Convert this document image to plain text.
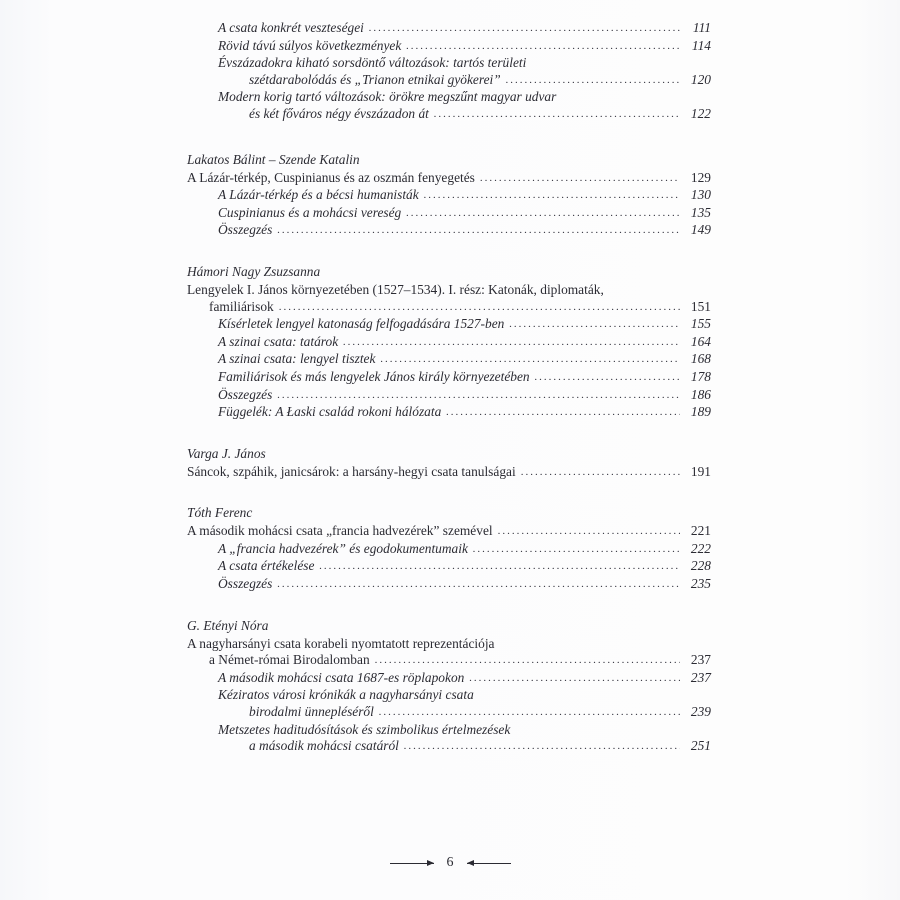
A csata konkrét veszteségei .....	111
Rövid távú súlyos következmények .....	114
Évszázadokra kiható sorsdöntő változások: tartós területi
szétdarabolódás és „Trianon etnikai gyökerei” .....	120
Modern korig tartó változások: örökre megszűnt magyar udvar
és két főváros négy évszázadon át .....	122
Lakatos Bálint – Szende Katalin
A Lázár-térkép, Cuspinianus és az oszmán fenyegetés .....	129
A Lázár-térkép és a bécsi humanisták .....	130
Cuspinianus és a mohácsi vereség .....	135
Összegzés .....	149
Hámori Nagy Zsuzsanna
Lengyelek I. János környezetében (1527–1534). I. rész: Katonák, diplomaták,
familiárisok .....	151
Kísérletek lengyel katonaság felfogadására 1527-ben .....	155
A szinai csata: tatárok .....	164
A szinai csata: lengyel tisztek .....	168
Familiárisok és más lengyelek János király környezetében .....	178
Összegzés .....	186
Függelék: A Łaski család rokoni hálózata .....	189
Varga J. János
Sáncok, szpáhik, janicsárok: a harsány-hegyi csata tanulságai .....	191
Tóth Ferenc
A második mohácsi csata „francia hadvezérek” szemével .....	221
A „francia hadvezérek” és egodokumentumaik .....	222
A csata értékelése .....	228
Összegzés .....	235
G. Etényi Nóra
A nagyharsányi csata korabeli nyomtatott reprezentációja
a Német-római Birodalomban .....	237
A második mohácsi csata 1687-es röplapokon .....	237
Kéziratos városi krónikák a nagyharsányi csata
birodalmi ünnepléséről .....	239
Metszetes haditudósítások és szimbolikus értelmezések
a második mohácsi csatáról .....	251
6
